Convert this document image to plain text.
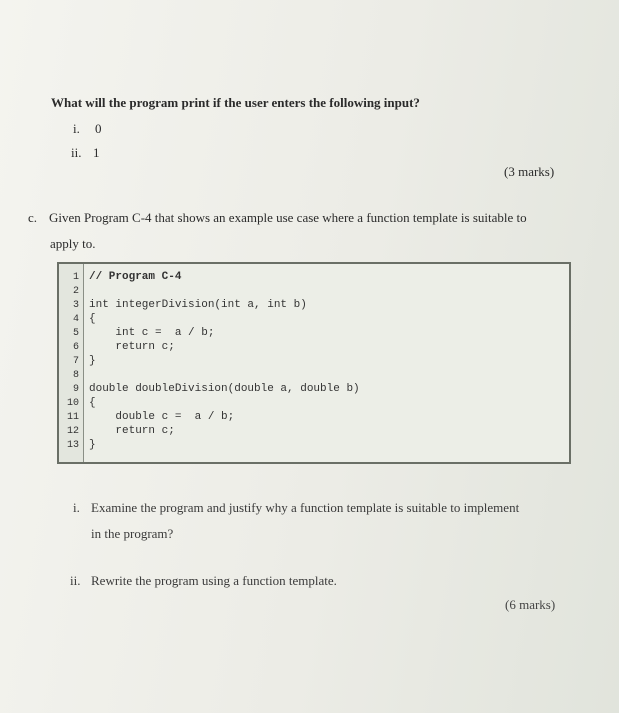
What will the program print if the user enters the following input?
i. 0
ii. 1
(3 marks)
c. Given Program C-4 that shows an example use case where a function template is suitable to
apply to.
1
2
3
4
5
6
7
8
9
10
11
12
13
// Program C-4
int integerDivision(int a, int b)
{
int c =  a / b;
return c;
}
double doubleDivision(double a, double b)
{
double c =  a / b;
return c;
}
i. Examine the program and justify why a function template is suitable to implement
in the program?
ii. Rewrite the program using a function template.
(6 marks)
